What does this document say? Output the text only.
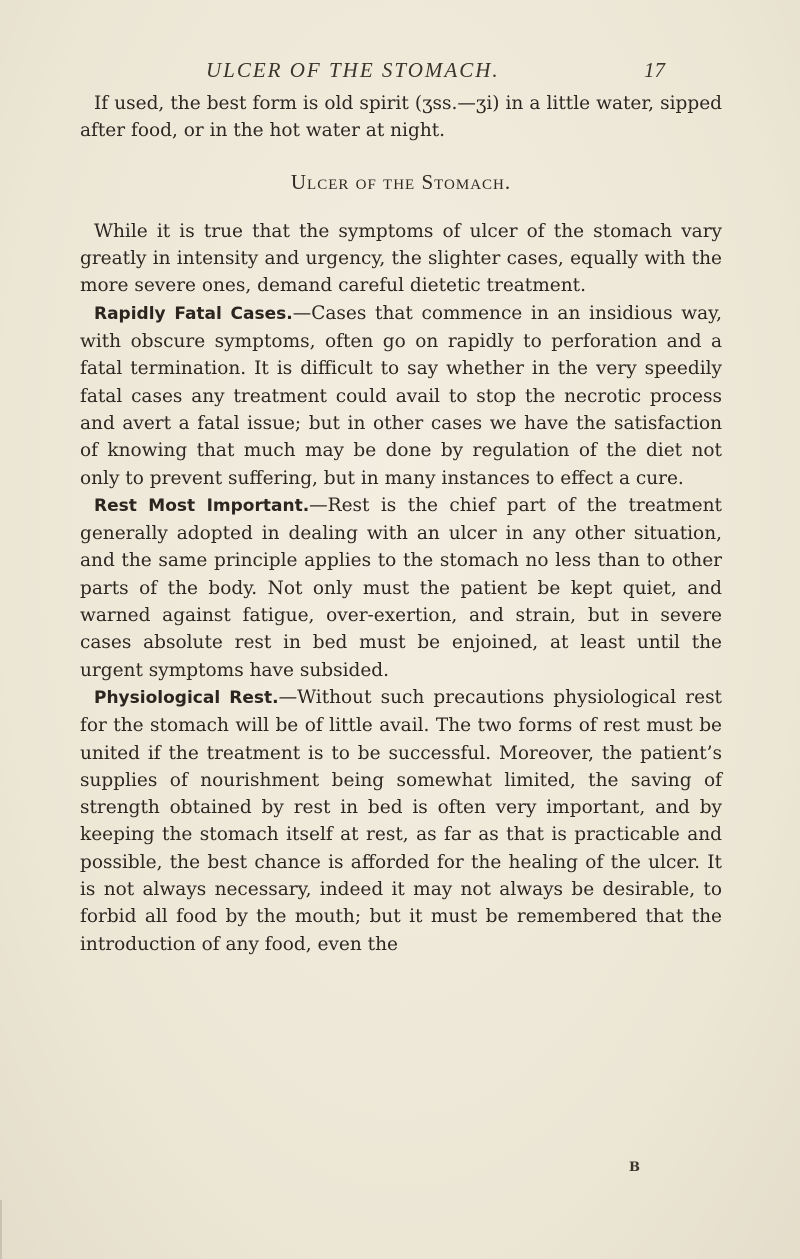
ULCER OF THE STOMACH.	17

If used, the best form is old spirit (ʒss.—ʒi) in a little water, sipped after food, or in the hot water at night.

Ulcer of the Stomach.

While it is true that the symptoms of ulcer of the stomach vary greatly in intensity and urgency, the slighter cases, equally with the more severe ones, demand careful dietetic treatment.

Rapidly Fatal Cases.—Cases that commence in an insidious way, with obscure symptoms, often go on rapidly to perforation and a fatal termination. It is difficult to say whether in the very speedily fatal cases any treatment could avail to stop the necrotic process and avert a fatal issue; but in other cases we have the satisfaction of knowing that much may be done by regulation of the diet not only to prevent suffering, but in many instances to effect a cure.

Rest Most Important.—Rest is the chief part of the treatment generally adopted in dealing with an ulcer in any other situation, and the same principle applies to the stomach no less than to other parts of the body. Not only must the patient be kept quiet, and warned against fatigue, over-exertion, and strain, but in severe cases absolute rest in bed must be enjoined, at least until the urgent symptoms have subsided.

Physiological Rest.—Without such precautions physiological rest for the stomach will be of little avail. The two forms of rest must be united if the treatment is to be successful. Moreover, the patient’s supplies of nourishment being somewhat limited, the saving of strength obtained by rest in bed is often very important, and by keeping the stomach itself at rest, as far as that is practicable and possible, the best chance is afforded for the healing of the ulcer. It is not always necessary, indeed it may not always be desirable, to forbid all food by the mouth; but it must be remembered that the introduction of any food, even the

B
